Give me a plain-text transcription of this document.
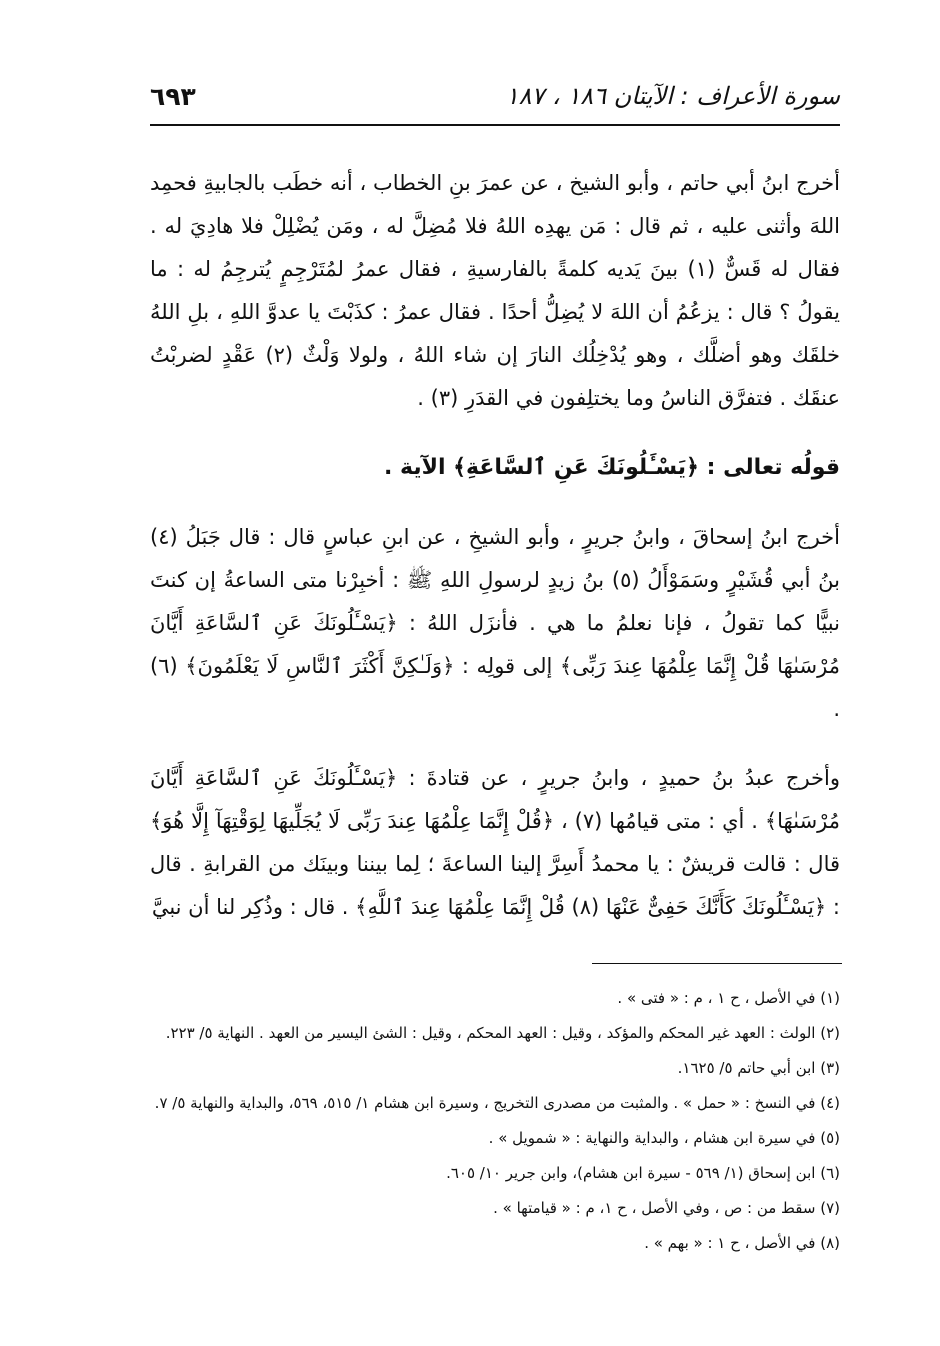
٦٩٣	سورة الأعراف : الآيتان ١٨٦ ، ١٨٧

أخرج ابنُ أبي حاتم ، وأبو الشيخ ، عن عمرَ بنِ الخطاب ، أنه خطَب بالجابيةِ فحمِد اللهَ وأثنى عليه ، ثم قال : مَن يهدِه اللهُ فلا مُضِلَّ له ، ومَن يُضْلِلْ فلا هادِيَ له . فقال له قَسٌّ (١) بينَ يَديه كلمةً بالفارسيةِ ، فقال عمرُ لمُتَرْجِمٍ يُترجِمُ له : ما يقولُ ؟ قال : يزعُمُ أن اللهَ لا يُضِلُّ أحدًا . فقال عمرُ : كذَبْتَ يا عدوَّ اللهِ ، بلِ اللهُ خلقَك وهو أضلَّك ، وهو يُدْخِلُك النارَ إن شاء اللهُ ، ولولا وَلْثٌ (٢) عَقْدٍ لضربْتُ عنقَك . فتفرَّق الناسُ وما يختلِفون في القدَرِ (٣) .

قولُه تعالى : ﴿يَسْـَٔلُونَكَ عَنِ ٱلسَّاعَةِ﴾ الآية .

أخرج ابنُ إسحاقَ ، وابنُ جريرٍ ، وأبو الشيخِ ، عن ابنِ عباسٍ قال : قال جَبَلُ (٤) بنُ أبي قُشَيْرٍ وسَمَوْأَلُ (٥) بنُ زيدٍ لرسولِ اللهِ ﷺ : أخبِرْنا متى الساعةُ إن كنتَ نبيًّا كما تقولُ ، فإنا نعلمُ ما هي . فأنزَل اللهُ : ﴿يَسْـَٔلُونَكَ عَنِ ٱلسَّاعَةِ أَيَّانَ مُرْسَىٰهَا قُلْ إِنَّمَا عِلْمُهَا عِندَ رَبِّى﴾ إلى قولِه : ﴿وَلَـٰكِنَّ أَكْثَرَ ٱلنَّاسِ لَا يَعْلَمُونَ﴾ (٦) .

وأخرج عبدُ بنُ حميدٍ ، وابنُ جريرٍ ، عن قتادةَ : ﴿يَسْـَٔلُونَكَ عَنِ ٱلسَّاعَةِ أَيَّانَ مُرْسَىٰهَا﴾ . أي : متى قيامُها (٧) ، ﴿قُلْ إِنَّمَا عِلْمُهَا عِندَ رَبِّى لَا يُجَلِّيهَا لِوَقْتِهَآ إِلَّا هُوَ﴾ قال : قالت قريشٌ : يا محمدُ أَسِرَّ إلينا الساعةَ ؛ لِما بيننا وبينَك من القرابةِ . قال : ﴿يَسْـَٔلُونَكَ كَأَنَّكَ حَفِىٌّ عَنْهَا (٨) قُلْ إِنَّمَا عِلْمُهَا عِندَ ٱللَّهِ﴾ . قال : وذُكِر لنا أن نبيَّ

(١) في الأصل ، ح ١ ، م : « فتى » .

(٢) الولث : العهد غير المحكم والمؤكد ، وقيل : العهد المحكم ، وقيل : الشئ اليسير من العهد . النهاية ٥/ ٢٢٣.

(٣) ابن أبي حاتم ٥/ ١٦٢٥.

(٤) في النسخ : « حمل » . والمثبت من مصدرى التخريج ، وسيرة ابن هشام ١/ ٥١٥، ٥٦٩، والبداية والنهاية ٥/ ٧.

(٥) في سيرة ابن هشام ، والبداية والنهاية : « شمويل » .

(٦) ابن إسحاق (١/ ٥٦٩ - سيرة ابن هشام)، وابن جرير ١٠/ ٦٠٥.

(٧) سقط من : ص ، وفي الأصل ، ح ١، م : « قيامتها » .

(٨) في الأصل ، ح ١ : « بهم » .
